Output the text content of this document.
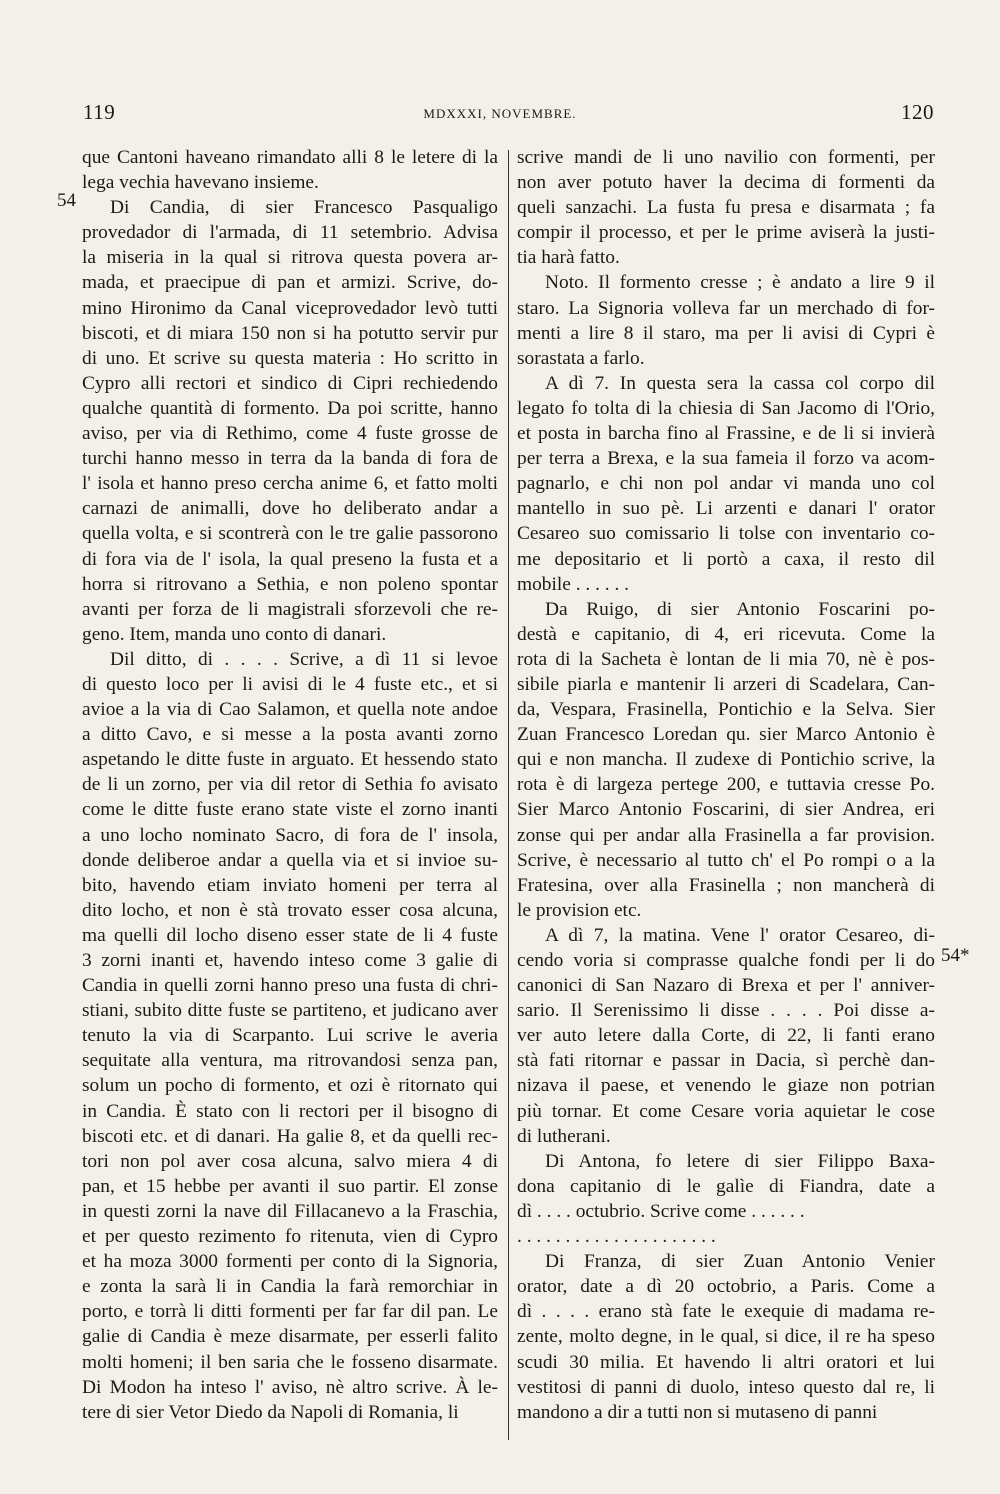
119	MDXXXI, NOVEMBRE.	120
54
54*
que Cantoni haveano rimandato alli 8 le letere di la
lega vechia havevano insieme.
Di Candia, di sier Francesco Pasqualigo
provedador di l'armada, di 11 setembrio. Advisa
la miseria in la qual si ritrova questa povera ar-
mada, et praecipue di pan et armizi. Scrive, do-
mino Hironimo da Canal viceprovedador levò tutti
biscoti, et di miara 150 non si ha potutto servir pur
di uno. Et scrive su questa materia : Ho scritto in
Cypro alli rectori et sindico di Cipri rechiedendo
qualche quantità di formento. Da poi scritte, hanno
aviso, per via di Rethimo, come 4 fuste grosse de
turchi hanno messo in terra da la banda di fora de
l' isola et hanno preso cercha anime 6, et fatto molti
carnazi de animalli, dove ho deliberato andar a
quella volta, e si scontrerà con le tre galie passorono
di fora via de l' isola, la qual preseno la fusta et a
horra si ritrovano a Sethia, e non poleno spontar
avanti per forza de li magistrali sforzevoli che re-
geno. Item, manda uno conto di danari.
Dil ditto, di . . . . Scrive, a dì 11 si levoe
di questo loco per li avisi di le 4 fuste etc., et si
avioe a la via di Cao Salamon, et quella note andoe
a ditto Cavo, e si messe a la posta avanti zorno
aspetando le ditte fuste in arguato. Et hessendo stato
de li un zorno, per via dil retor di Sethia fo avisato
come le ditte fuste erano state viste el zorno inanti
a uno locho nominato Sacro, di fora de l' insola,
donde deliberoe andar a quella via et si invioe su-
bito, havendo etiam inviato homeni per terra al
dito locho, et non è stà trovato esser cosa alcuna,
ma quelli dil locho diseno esser state de li 4 fuste
3 zorni inanti et, havendo inteso come 3 galie di
Candia in quelli zorni hanno preso una fusta di chri-
stiani, subito ditte fuste se partiteno, et judicano aver
tenuto la via di Scarpanto. Lui scrive le averia
sequitate alla ventura, ma ritrovandosi senza pan,
solum un pocho di formento, et ozi è ritornato qui
in Candia. È stato con li rectori per il bisogno di
biscoti etc. et di danari. Ha galie 8, et da quelli rec-
tori non pol aver cosa alcuna, salvo miera 4 di
pan, et 15 hebbe per avanti il suo partir. El zonse
in questi zorni la nave dil Fillacanevo a la Fraschia,
et per questo rezimento fo ritenuta, vien di Cypro
et ha moza 3000 formenti per conto di la Signoria,
e zonta la sarà li in Candia la farà remorchiar in
porto, e torrà li ditti formenti per far far dil pan. Le
galie di Candia è meze disarmate, per esserli falito
molti homeni; il ben saria che le fosseno disarmate.
Di Modon ha inteso l' aviso, nè altro scrive. À le-
tere di sier Vetor Diedo da Napoli di Romania, li
scrive mandi de li uno navilio con formenti, per
non aver potuto haver la decima di formenti da
queli sanzachi. La fusta fu presa e disarmata ; fa
compir il processo, et per le prime aviserà la justi-
tia harà fatto.
Noto. Il formento cresse ; è andato a lire 9 il
staro. La Signoria volleva far un merchado di for-
menti a lire 8 il staro, ma per li avisi di Cypri è
sorastata a farlo.
A dì 7. In questa sera la cassa col corpo dil
legato fo tolta di la chiesia di San Jacomo di l'Orio,
et posta in barcha fino al Frassine, e de li si invierà
per terra a Brexa, e la sua fameia il forzo va acom-
pagnarlo, e chi non pol andar vi manda uno col
mantello in suo pè. Li arzenti e danari l' orator
Cesareo suo comissario li tolse con inventario co-
me depositario et li portò a caxa, il resto dil
mobile . . . . . .
Da Ruigo, di sier Antonio Foscarini po-
destà e capitanio, di 4, eri ricevuta. Come la
rota di la Sacheta è lontan de li mia 70, nè è pos-
sibile piarla e mantenir li arzeri di Scadelara, Can-
da, Vespara, Frasinella, Pontichio e la Selva. Sier
Zuan Francesco Loredan qu. sier Marco Antonio è
qui e non mancha. Il zudexe di Pontichio scrive, la
rota è di largeza pertege 200, e tuttavia cresse Po.
Sier Marco Antonio Foscarini, di sier Andrea, eri
zonse qui per andar alla Frasinella a far provision.
Scrive, è necessario al tutto ch' el Po rompi o a la
Fratesina, over alla Frasinella ; non mancherà di
le provision etc.
A dì 7, la matina. Vene l' orator Cesareo, di-
cendo voria si comprasse qualche fondi per li do
canonici di San Nazaro di Brexa et per l' anniver-
sario. Il Serenissimo li disse . . . . Poi disse a-
ver auto letere dalla Corte, di 22, li fanti erano
stà fati ritornar e passar in Dacia, sì perchè dan-
nizava il paese, et venendo le giaze non potrian
più tornar. Et come Cesare voria aquietar le cose
di lutherani.
Di Antona, fo letere di sier Filippo Baxa-
dona capitanio di le galìe di Fiandra, date a
dì . . . . octubrio. Scrive come . . . . . .
. . . . . . . . . . . . . . . . . . . . .
Di Franza, di sier Zuan Antonio Venier
orator, date a dì 20 octobrio, a Paris. Come a
dì . . . . erano stà fate le exequie di madama re-
zente, molto degne, in le qual, si dice, il re ha speso
scudi 30 milia. Et havendo li altri oratori et lui
vestitosi di panni di duolo, inteso questo dal re, li
mandono a dir a tutti non si mutaseno di panni
